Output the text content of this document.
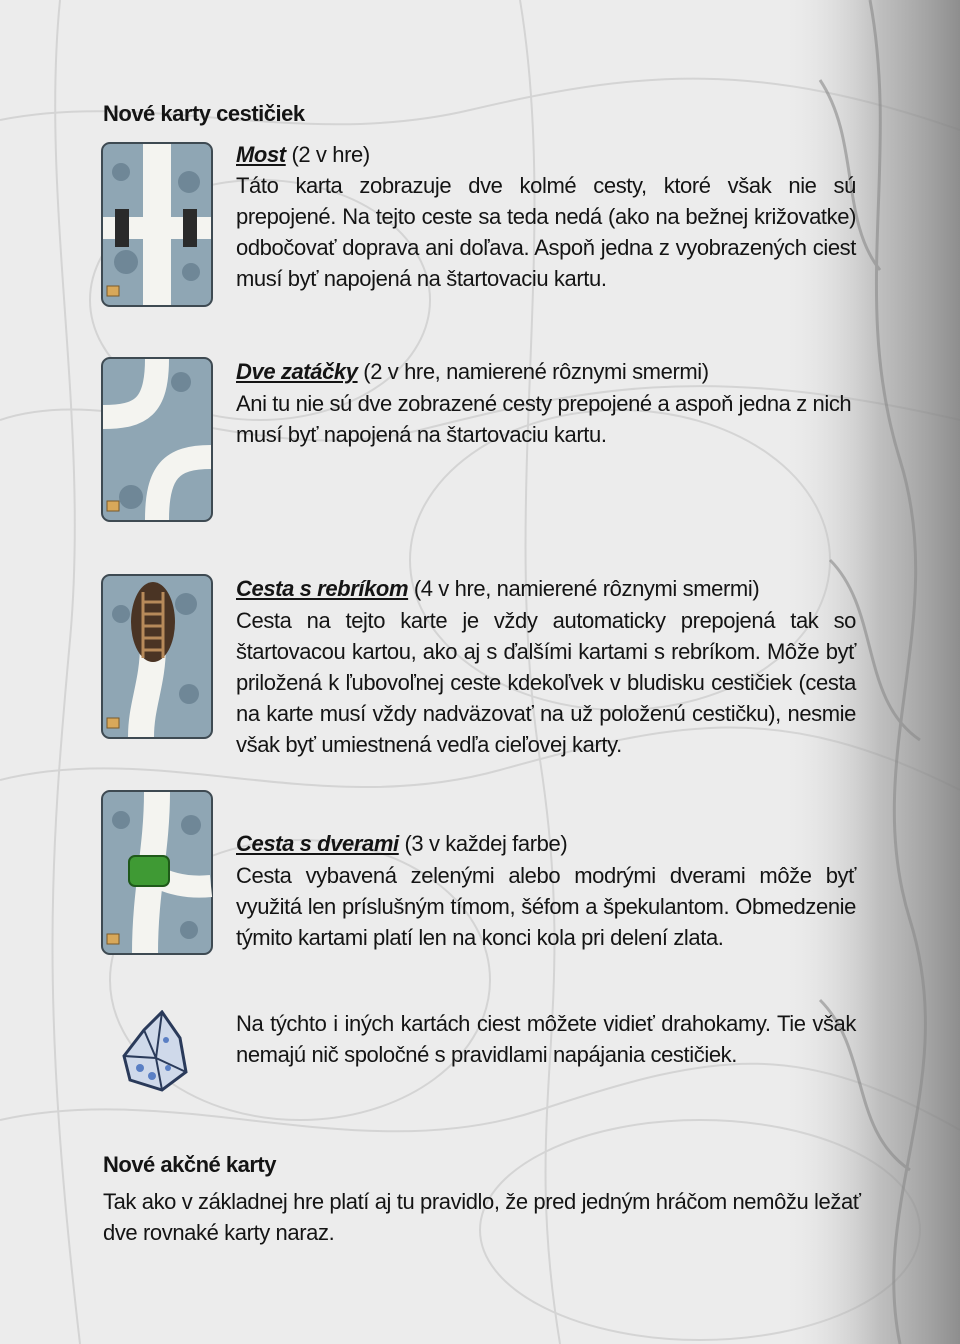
Nové karty cestičiek
Most (2 v hre)
Táto karta zobrazuje dve kolmé cesty, ktoré však nie sú prepojené. Na tejto ceste sa teda nedá (ako na bežnej križovatke) odbočovať doprava ani doľava. Aspoň jedna z vyobrazených ciest musí byť napojená na štartovaciu kartu.
Dve zatáčky (2 v hre, namierené rôznymi smermi)
Ani tu nie sú dve zobrazené cesty prepojené a aspoň jedna z nich musí byť napojená na štartovaciu kartu.
Cesta s rebríkom (4 v hre, namierené rôznymi smermi)
Cesta na tejto karte je vždy automaticky prepojená tak so štartovacou kartou, ako aj s ďalšími kartami s rebríkom. Môže byť priložená k ľubovoľnej ceste kdekoľvek v bludisku cestičiek (cesta na karte musí vždy nadväzovať na už položenú cestičku), nesmie však byť umiestnená vedľa cieľovej karty.
Cesta s dverami (3 v každej farbe)
Cesta vybavená zelenými alebo modrými dverami môže byť využitá len príslušným tímom, šéfom a špekulantom. Obmedzenie týmito kartami platí len na konci kola pri delení zlata.
Na týchto i iných kartách ciest môžete vidieť drahokamy. Tie však nemajú nič spoločné s pravidlami napájania cestičiek.
Nové akčné karty
Tak ako v základnej hre platí aj tu pravidlo, že pred jedným hráčom nemôžu ležať dve rovnaké karty naraz.
